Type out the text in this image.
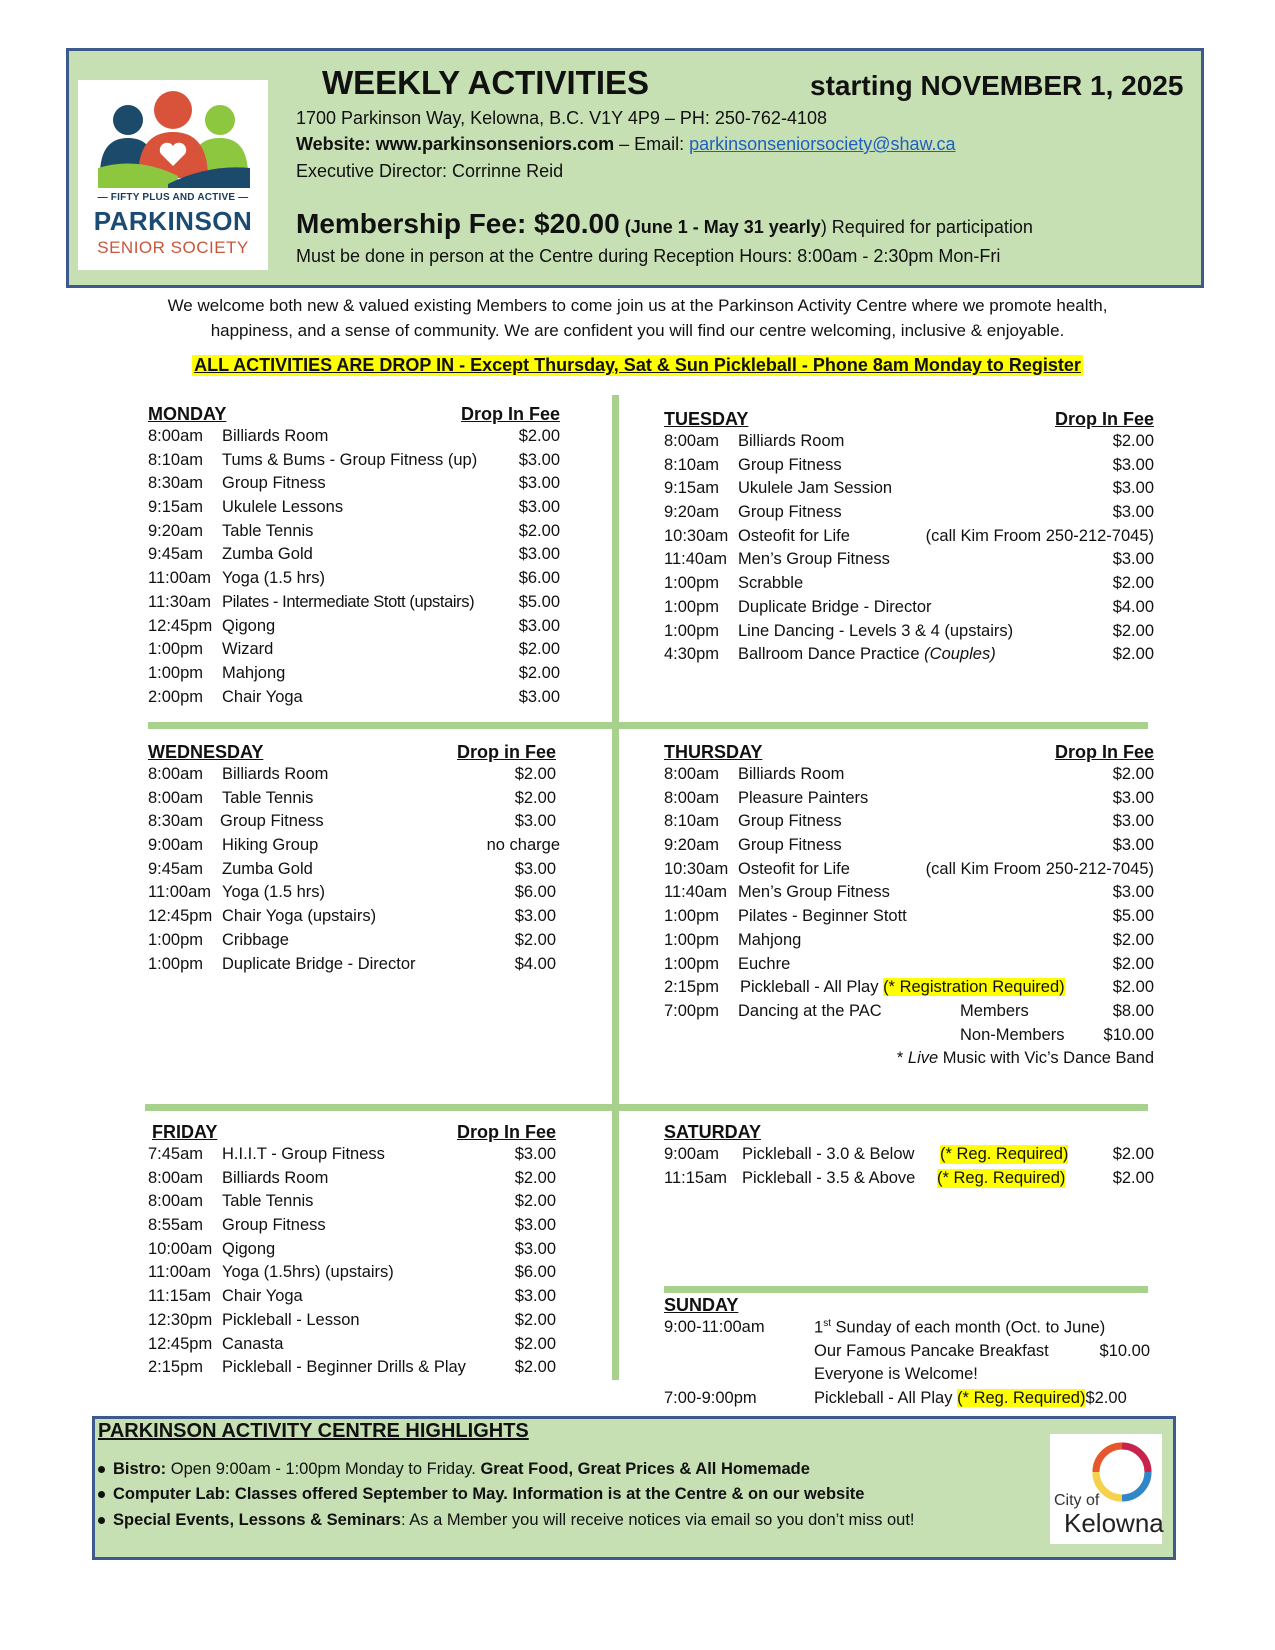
— FIFTY PLUS AND ACTIVE —
PARKINSON
SENIOR SOCIETY
WEEKLY ACTIVITIES	starting NOVEMBER 1, 2025
1700 Parkinson Way, Kelowna, B.C. V1Y 4P9 – PH: 250-762-4108
Website: www.parkinsonseniors.com – Email: parkinsonseniorsociety@shaw.ca
Executive Director: Corrinne Reid
Membership Fee: $20.00 (June 1 - May 31 yearly) Required for participation
Must be done in person at the Centre during Reception Hours: 8:00am - 2:30pm Mon-Fri
We welcome both new & valued existing Members to come join us at the Parkinson Activity Centre where we promote health,
happiness, and a sense of community. We are confident you will find our centre welcoming, inclusive & enjoyable.
ALL ACTIVITIES ARE DROP IN - Except Thursday, Sat & Sun Pickleball - Phone 8am Monday to Register
MONDAY	Drop In Fee
8:00am Billiards Room	$2.00
8:10am Tums & Bums - Group Fitness (up)	$3.00
8:30am Group Fitness	$3.00
9:15am Ukulele Lessons	$3.00
9:20am Table Tennis	$2.00
9:45am Zumba Gold	$3.00
11:00am Yoga (1.5 hrs)	$6.00
11:30am Pilates - Intermediate Stott (upstairs)	$5.00
12:45pm Qigong	$3.00
1:00pm Wizard	$2.00
1:00pm Mahjong	$2.00
2:00pm Chair Yoga	$3.00
TUESDAY	Drop In Fee
8:00am Billiards Room	$2.00
8:10am Group Fitness	$3.00
9:15am Ukulele Jam Session	$3.00
9:20am Group Fitness	$3.00
10:30am Osteofit for Life	(call Kim Froom 250-212-7045)
11:40am Men’s Group Fitness	$3.00
1:00pm Scrabble	$2.00
1:00pm Duplicate Bridge - Director	$4.00
1:00pm Line Dancing - Levels 3 & 4 (upstairs)	$2.00
4:30pm Ballroom Dance Practice (Couples)	$2.00
WEDNESDAY	Drop in Fee
8:00am Billiards Room	$2.00
8:00am Table Tennis	$2.00
8:30am Group Fitness	$3.00
9:00am Hiking Group	no charge
9:45am Zumba Gold	$3.00
11:00am Yoga (1.5 hrs)	$6.00
12:45pm Chair Yoga (upstairs)	$3.00
1:00pm Cribbage	$2.00
1:00pm Duplicate Bridge - Director	$4.00
THURSDAY	Drop In Fee
8:00am Billiards Room	$2.00
8:00am Pleasure Painters	$3.00
8:10am Group Fitness	$3.00
9:20am Group Fitness	$3.00
10:30am Osteofit for Life	(call Kim Froom 250-212-7045)
11:40am Men’s Group Fitness	$3.00
1:00pm Pilates - Beginner Stott	$5.00
1:00pm Mahjong	$2.00
1:00pm Euchre	$2.00
2:15pm Pickleball - All Play (* Registration Required)	$2.00
7:00pm Dancing at the PAC	Members	$8.00
Non-Members $10.00
* Live Music with Vic’s Dance Band
FRIDAY	Drop In Fee
7:45am H.I.I.T - Group Fitness	$3.00
8:00am Billiards Room	$2.00
8:00am Table Tennis	$2.00
8:55am Group Fitness	$3.00
10:00am Qigong	$3.00
11:00am Yoga (1.5hrs) (upstairs)	$6.00
11:15am Chair Yoga	$3.00
12:30pm Pickleball - Lesson	$2.00
12:45pm Canasta	$2.00
2:15pm Pickleball - Beginner Drills & Play	$2.00
SATURDAY
9:00am Pickleball - 3.0 & Below (* Reg. Required)	$2.00
11:15am Pickleball - 3.5 & Above (* Reg. Required)	$2.00
SUNDAY
9:00-11:00am	1st Sunday of each month (Oct. to June)
Our Famous Pancake Breakfast	$10.00
Everyone is Welcome!
7:00-9:00pm	Pickleball - All Play (* Reg. Required)$2.00
PARKINSON ACTIVITY CENTRE HIGHLIGHTS
Bistro: Open 9:00am - 1:00pm Monday to Friday. Great Food, Great Prices & All Homemade
Computer Lab: Classes offered September to May. Information is at the Centre & on our website
Special Events, Lessons & Seminars: As a Member you will receive notices via email so you don’t miss out!
City of
Kelowna
